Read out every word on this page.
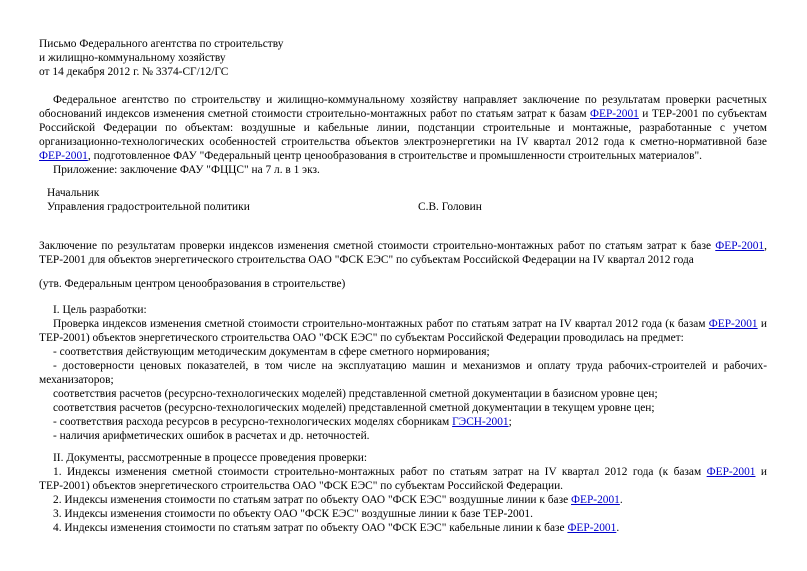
Письмо Федерального агентства по строительству

и жилищно-коммунальному хозяйству

от 14 декабря 2012 г. № 3374-СГ/12/ГС

Федеральное агентство по строительству и жилищно-коммунальному хозяйству направляет заключение по результатам проверки расчетных обоснований индексов изменения сметной стоимости строительно-монтажных работ по статьям затрат к базам ФЕР-2001 и ТЕР-2001 по субъектам Российской Федерации по объектам: воздушные и кабельные линии, подстанции строительные и монтажные, разработанные с учетом организационно-технологических особенностей строительства объектов электроэнергетики на IV квартал 2012 года к сметно-нормативной базе ФЕР-2001, подготовленное ФАУ "Федеральный центр ценообразования в строительстве и промышленности строительных материалов".

Приложение: заключение ФАУ "ФЦЦС" на 7 л. в 1 экз.

Начальник

Управления градостроительной политики	С.В. Головин

Заключение по результатам проверки индексов изменения сметной стоимости строительно-монтажных работ по статьям затрат к базе ФЕР-2001, ТЕР-2001 для объектов энергетического строительства ОАО "ФСК ЕЭС" по субъектам Российской Федерации на IV квартал 2012 года

(утв. Федеральным центром ценообразования в строительстве)

I. Цель разработки:

Проверка индексов изменения сметной стоимости строительно-монтажных работ по статьям затрат на IV квартал 2012 года (к базам ФЕР-2001 и ТЕР-2001) объектов энергетического строительства ОАО "ФСК ЕЭС" по субъектам Российской Федерации проводилась на предмет:

- соответствия действующим методическим документам в сфере сметного нормирования;

- достоверности ценовых показателей, в том числе на эксплуатацию машин и механизмов и оплату труда рабочих-строителей и рабочих-механизаторов;

соответствия расчетов (ресурсно-технологических моделей) представленной сметной документации в базисном уровне цен;

соответствия расчетов (ресурсно-технологических моделей) представленной сметной документации в текущем уровне цен;

- соответствия расхода ресурсов в ресурсно-технологических моделях сборникам ГЭСН-2001;

- наличия арифметических ошибок в расчетах и др. неточностей.

II. Документы, рассмотренные в процессе проведения проверки:

1. Индексы изменения сметной стоимости строительно-монтажных работ по статьям затрат на IV квартал 2012 года (к базам ФЕР-2001 и ТЕР-2001) объектов энергетического строительства ОАО "ФСК ЕЭС" по субъектам Российской Федерации.

2. Индексы изменения стоимости по статьям затрат по объекту ОАО "ФСК ЕЭС" воздушные линии к базе ФЕР-2001.

3. Индексы изменения стоимости по объекту ОАО "ФСК ЕЭС" воздушные линии к базе ТЕР-2001.

4. Индексы изменения стоимости по статьям затрат по объекту ОАО "ФСК ЕЭС" кабельные линии к базе ФЕР-2001.
